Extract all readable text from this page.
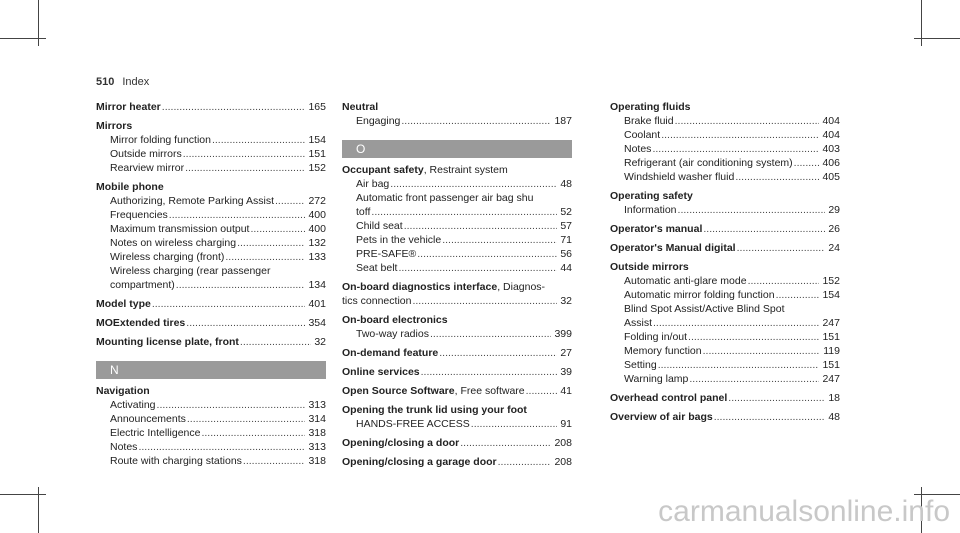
510 Index
Mirror heater .....	165
Mirrors
Mirror folding function .....	154
Outside mirrors .....	151
Rearview mirror .....	152
Mobile phone
Authorizing, Remote Parking Assist .....	272
Frequencies .....	400
Maximum transmission output .....	400
Notes on wireless charging .....	132
Wireless charging (front) .....	133
Wireless charging (rear passenger
compartment) .....	134
Model type .....	401
MOExtended tires .....	354
Mounting license plate, front .....	32
N
Navigation
Activating .....	313
Announcements .....	314
Electric Intelligence .....	318
Notes .....	313
Route with charging stations .....	318
Neutral
Engaging .....	187
O
Occupant safety, Restraint system
Air bag .....	48
Automatic front passenger air bag shu
toff .....	52
Child seat .....	57
Pets in the vehicle .....	71
PRE-SAFE® .....	56
Seat belt .....	44
On-board diagnostics interface, Diagnos-
tics connection .....	32
On-board electronics
Two-way radios .....	399
On-demand feature .....	27
Online services .....	39
Open Source Software, Free software .....	41
Opening the trunk lid using your foot
HANDS-FREE ACCESS .....	91
Opening/closing a door .....	208
Opening/closing a garage door .....	208
Operating fluids
Brake fluid .....	404
Coolant .....	404
Notes .....	403
Refrigerant (air conditioning system) .....	406
Windshield washer fluid .....	405
Operating safety
Information .....	29
Operator's manual .....	26
Operator's Manual digital .....	24
Outside mirrors
Automatic anti-glare mode .....	152
Automatic mirror folding function .....	154
Blind Spot Assist/Active Blind Spot
Assist .....	247
Folding in/out .....	151
Memory function .....	119
Setting .....	151
Warning lamp .....	247
Overhead control panel .....	18
Overview of air bags .....	48
carmanualsonline.info
